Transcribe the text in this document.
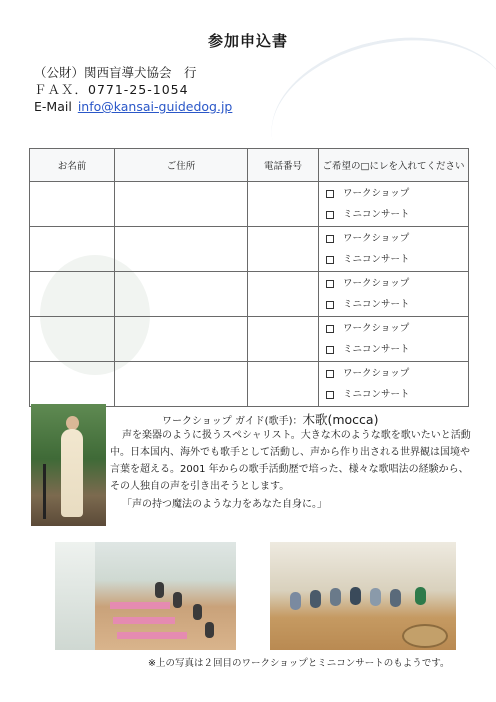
参加申込書
（公財）関西盲導犬協会　行
ＦＡＸ．0771-25-1054
E-Mail info@kansai-guidedog.jp
お名前	ご住所	電話番号	ご希望の□にレを入れてください

			ワークショップ
ミニコンサート

			ワークショップ
ミニコンサート

			ワークショップ
ミニコンサート

			ワークショップ
ミニコンサート

			ワークショップ
ミニコンサート
ワークショップ ガイド(歌手)：木歌(mocca)
声を楽器のように扱うスペシャリスト。大きな木のような歌を歌いたいと活動中。日本国内、海外でも歌手として活動し、声から作り出される世界観は国境や言葉を超える。2001 年からの歌手活動歴で培った、様々な歌唱法の経験から、その人独自の声を引き出そうとします。
「声の持つ魔法のような力をあなた自身に。」
※上の写真は２回目のワークショップとミニコンサートのもようです。
